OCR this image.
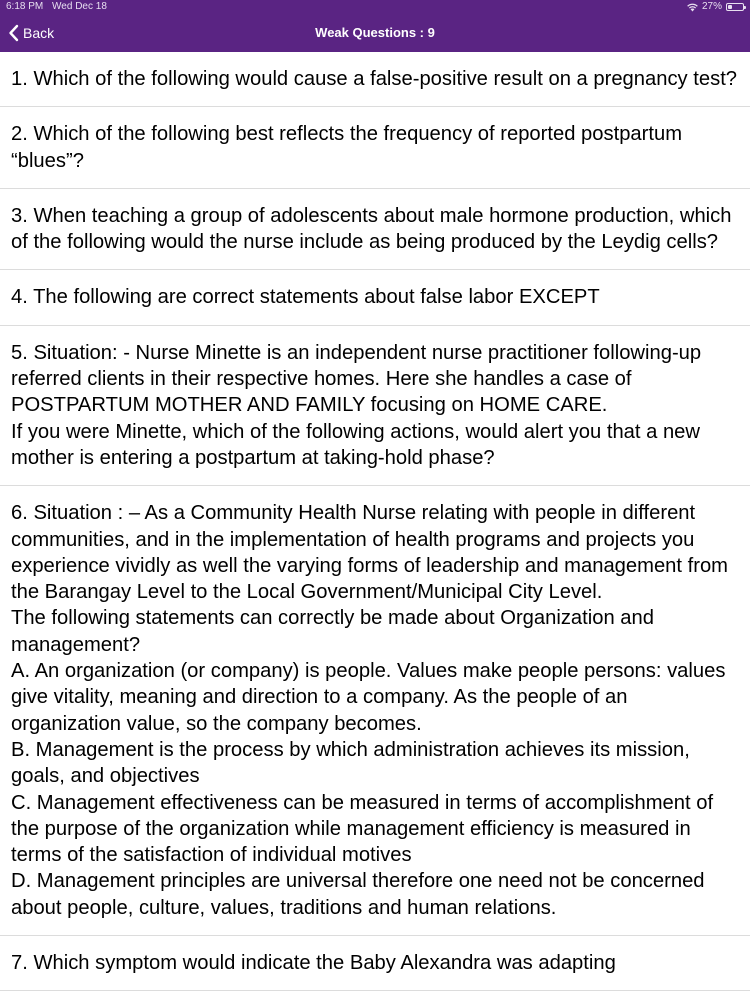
6:18 PM Wed Dec 18	27%
Back	Weak Questions : 9
1. Which of the following would cause a false-positive result on a pregnancy test?
2. Which of the following best reflects the frequency of reported postpartum “blues”?
3. When teaching a group of adolescents about male hormone production, which of the following would the nurse include as being produced by the Leydig cells?
4. The following are correct statements about false labor EXCEPT
5. Situation: - Nurse Minette is an independent nurse practitioner following-up referred clients in their respective homes. Here she handles a case of POSTPARTUM MOTHER AND FAMILY focusing on HOME CARE.
If you were Minette, which of the following actions, would alert you that a new mother is entering a postpartum at taking-hold phase?
6. Situation : – As a Community Health Nurse relating with people in different communities, and in the implementation of health programs and projects you experience vividly as well the varying forms of leadership and management from the Barangay Level to the Local Government/Municipal City Level.
The following statements can correctly be made about Organization and management?
A. An organization (or company) is people. Values make people persons: values give vitality, meaning and direction to a company. As the people of an organization value, so the company becomes.
B. Management is the process by which administration achieves its mission, goals, and objectives
C. Management effectiveness can be measured in terms of accomplishment of the purpose of the organization while management efficiency is measured in terms of the satisfaction of individual motives
D. Management principles are universal therefore one need not be concerned about people, culture, values, traditions and human relations.
7. Which symptom would indicate the Baby Alexandra was adapting
